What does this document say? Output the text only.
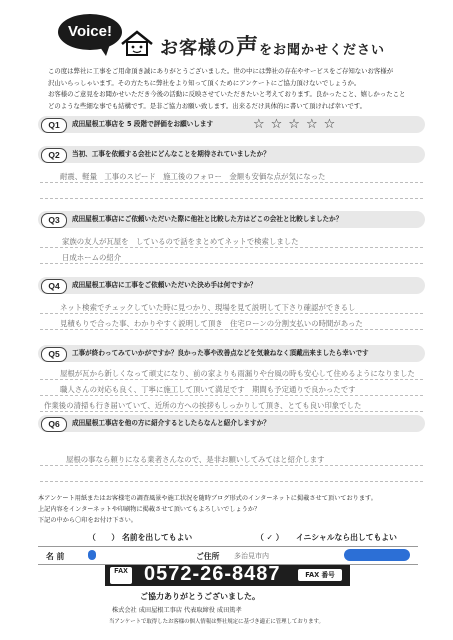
Voice!
お客様の声をお聞かせください

この度は弊社に工事をご用命頂き誠にありがとうございました。世の中には弊社の存在やサービスをご存知ないお客様が

沢山いらっしゃいます。その方たちに弊社をより知って頂くためにアンケートにご協力頂けないでしょうか。

お客様のご意見をお聞かせいただき今後の活動に反映させていただきたいと考えております。良かったこと、嬉しかったこと

どのような些細な事でも結構です。是非ご協力お願い致します。出来るだけ具体的に書いて頂ければ幸いです。

Q1	成田屋根工事店を 5 段階で評価をお願いします	☆☆☆☆☆
Q2	当初、工事を依頼する会社にどんなことを期待されていましたか？
耐震、軽量　工事のスピード　施工後のフォロー　金額も安価な点が気になった
Q3	成田屋根工事店にご依頼いただいた際に他社と比較した方はどこの会社と比較しましたか？
家族の友人が瓦屋を　しているので話をまとめてネットで検索しました
日成ホームの紹介
Q4	成田屋根工事店に工事をご依頼いただいた決め手は何ですか？
ネット検索でチェックしていた時に見つかり、現場を見て説明して下さり確認ができるし
見積もりで合った事、わかりやすく説明して頂き　住宅ローンの分割支払いの時間があった
Q5	工事が終わってみていかがですか？良かった事や改善点などを気兼ねなく頂戴出来ましたら幸いです
屋根が瓦から新しくなって頑丈になり、前の家よりも雨漏りや台風の時も安心して住めるようになりました
職人さんの対応も良く、丁寧に施工して頂いて満足です　期間も予定通りで良かったです
作業後の清掃も行き届いていて、近所の方への挨拶もしっかりして頂き、とても良い印象でした
Q6	成田屋根工事店を他の方に紹介するとしたらなんと紹介しますか？
屋根の事なら頼りになる業者さんなので、是非お願いしてみてはと紹介します
本アンケート用紙またはお客様宅の調査風景や施工状況を随時ブログ形式のインターネットに掲載させて頂いております。
上記内容をインターネットや印刷物に掲載させて頂いてもよろしいでしょうか？
下記の中から〇印をお付け下さい。
（　　） 名前を出してもよい	（ ✓ ） イニシャルなら出してもよい
名 前	ご住所 多治見市内
FAX 0572-26-8487	FAX 番号
ご協力ありがとうございました。
株式会社 成田屋根工事店 代表取締役 成田篤孝
当アンケートで取得したお客様の個人情報は弊社規定に基づき適正に管理しております。
